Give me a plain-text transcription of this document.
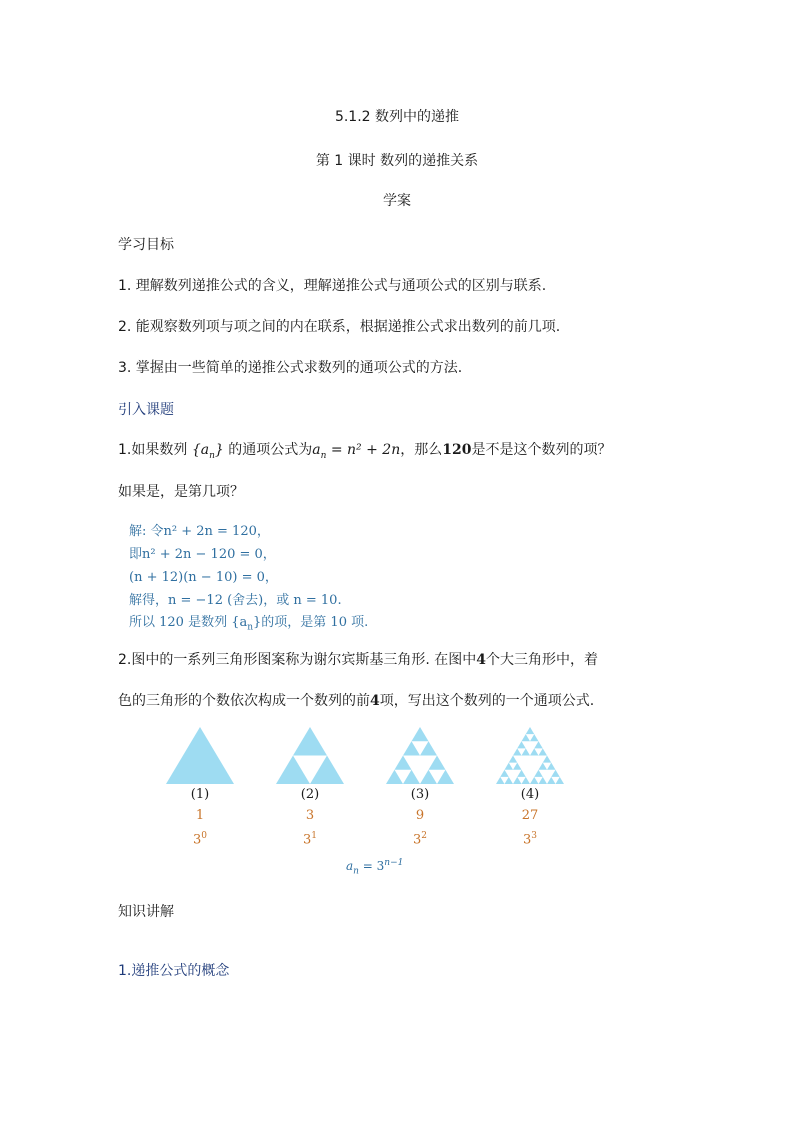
5.1.2 数列中的递推
第 1 课时 数列的递推关系
学案
学习目标
1. 理解数列递推公式的含义，理解递推公式与通项公式的区别与联系.
2. 能观察数列项与项之间的内在联系，根据递推公式求出数列的前几项.
3. 掌握由一些简单的递推公式求数列的通项公式的方法.
引入课题
1.如果数列 $\{a_n\}$ 的通项公式为$a_n = n^2 + 2n$，那么120是不是这个数列的项？
如果是，是第几项？
解: 令n² + 2n = 120，
即n² + 2n − 120 = 0，
(n + 12)(n − 10) = 0，
解得，n = −12 (舍去)，或 n = 10.
所以 120 是数列 $\{a_n\}$的项，是第 10 项.
2.图中的一系列三角形图案称为谢尔宾斯基三角形. 在图中4个大三角形中，着
色的三角形的个数依次构成一个数列的前4项，写出这个数列的一个通项公式.
(1)	(2)	(3)	(4)
1	3	9	27
$3^0$	$3^1$	$3^2$	$3^3$
$a_n = 3^{n-1}$
知识讲解
1.递推公式的概念
